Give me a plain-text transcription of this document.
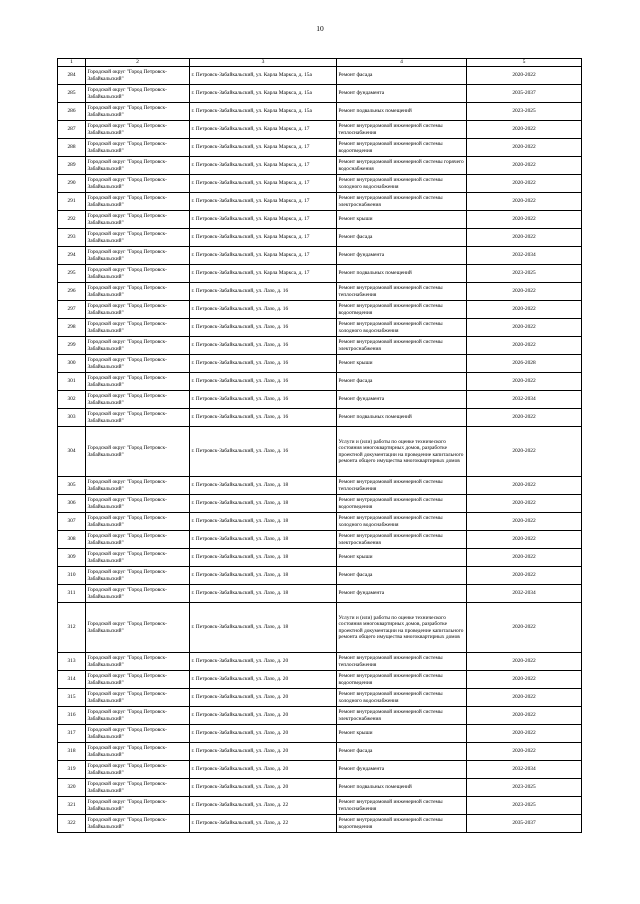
10
1	2	3	4	5
284	Городской округ "Город Петровск-Забайкальский"	г. Петровск-Забайкальский, ул. Карла Маркса, д. 15а	Ремонт фасада	2020-2022
285	Городской округ "Город Петровск-Забайкальский"	г. Петровск-Забайкальский, ул. Карла Маркса, д. 15а	Ремонт фундамента	2035-2037
286	Городской округ "Город Петровск-Забайкальский"	г. Петровск-Забайкальский, ул. Карла Маркса, д. 15а	Ремонт подвальных помещений	2023-2025
287	Городской округ "Город Петровск-Забайкальский"	г. Петровск-Забайкальский, ул. Карла Маркса, д. 17	Ремонт внутридомовой инженерной системы теплоснабжения	2020-2022
288	Городской округ "Город Петровск-Забайкальский"	г. Петровск-Забайкальский, ул. Карла Маркса, д. 17	Ремонт внутридомовой инженерной системы водоотведения	2020-2022
289	Городской округ "Город Петровск-Забайкальский"	г. Петровск-Забайкальский, ул. Карла Маркса, д. 17	Ремонт внутридомовой инженерной системы горячего водоснабжения	2020-2022
290	Городской округ "Город Петровск-Забайкальский"	г. Петровск-Забайкальский, ул. Карла Маркса, д. 17	Ремонт внутридомовой инженерной системы холодного водоснабжения	2020-2022
291	Городской округ "Город Петровск-Забайкальский"	г. Петровск-Забайкальский, ул. Карла Маркса, д. 17	Ремонт внутридомовой инженерной системы электроснабжения	2020-2022
292	Городской округ "Город Петровск-Забайкальский"	г. Петровск-Забайкальский, ул. Карла Маркса, д. 17	Ремонт крыши	2020-2022
293	Городской округ "Город Петровск-Забайкальский"	г. Петровск-Забайкальский, ул. Карла Маркса, д. 17	Ремонт фасада	2020-2022
294	Городской округ "Город Петровск-Забайкальский"	г. Петровск-Забайкальский, ул. Карла Маркса, д. 17	Ремонт фундамента	2032-2034
295	Городской округ "Город Петровск-Забайкальский"	г. Петровск-Забайкальский, ул. Карла Маркса, д. 17	Ремонт подвальных помещений	2023-2025
296	Городской округ "Город Петровск-Забайкальский"	г. Петровск-Забайкальский, ул. Лазо, д. 16	Ремонт внутридомовой инженерной системы теплоснабжения	2020-2022
297	Городской округ "Город Петровск-Забайкальский"	г. Петровск-Забайкальский, ул. Лазо, д. 16	Ремонт внутридомовой инженерной системы водоотведения	2020-2022
298	Городской округ "Город Петровск-Забайкальский"	г. Петровск-Забайкальский, ул. Лазо, д. 16	Ремонт внутридомовой инженерной системы холодного водоснабжения	2020-2022
299	Городской округ "Город Петровск-Забайкальский"	г. Петровск-Забайкальский, ул. Лазо, д. 16	Ремонт внутридомовой инженерной системы электроснабжения	2020-2022
300	Городской округ "Город Петровск-Забайкальский"	г. Петровск-Забайкальский, ул. Лазо, д. 16	Ремонт крыши	2026-2028
301	Городской округ "Город Петровск-Забайкальский"	г. Петровск-Забайкальский, ул. Лазо, д. 16	Ремонт фасада	2020-2022
302	Городской округ "Город Петровск-Забайкальский"	г. Петровск-Забайкальский, ул. Лазо, д. 16	Ремонт фундамента	2032-2034
303	Городской округ "Город Петровск-Забайкальский"	г. Петровск-Забайкальский, ул. Лазо, д. 16	Ремонт подвальных помещений	2020-2022
304	Городской округ "Город Петровск-Забайкальский"	г. Петровск-Забайкальский, ул. Лазо, д. 16	Услуги и (или) работы по оценке технического состояния многоквартирных домов, разработке проектной документации на проведение капитального ремонта общего имущества многоквартирных домов	2020-2022
305	Городской округ "Город Петровск-Забайкальский"	г. Петровск-Забайкальский, ул. Лазо, д. 18	Ремонт внутридомовой инженерной системы теплоснабжения	2020-2022
306	Городской округ "Город Петровск-Забайкальский"	г. Петровск-Забайкальский, ул. Лазо, д. 18	Ремонт внутридомовой инженерной системы водоотведения	2020-2022
307	Городской округ "Город Петровск-Забайкальский"	г. Петровск-Забайкальский, ул. Лазо, д. 18	Ремонт внутридомовой инженерной системы холодного водоснабжения	2020-2022
308	Городской округ "Город Петровск-Забайкальский"	г. Петровск-Забайкальский, ул. Лазо, д. 18	Ремонт внутридомовой инженерной системы электроснабжения	2020-2022
309	Городской округ "Город Петровск-Забайкальский"	г. Петровск-Забайкальский, ул. Лазо, д. 18	Ремонт крыши	2020-2022
310	Городской округ "Город Петровск-Забайкальский"	г. Петровск-Забайкальский, ул. Лазо, д. 18	Ремонт фасада	2020-2022
311	Городской округ "Город Петровск-Забайкальский"	г. Петровск-Забайкальский, ул. Лазо, д. 18	Ремонт фундамента	2032-2034
312	Городской округ "Город Петровск-Забайкальский"	г. Петровск-Забайкальский, ул. Лазо, д. 18	Услуги и (или) работы по оценке технического состояния многоквартирных домов, разработке проектной документации на проведение капитального ремонта общего имущества многоквартирных домов	2020-2022
313	Городской округ "Город Петровск-Забайкальский"	г. Петровск-Забайкальский, ул. Лазо, д. 20	Ремонт внутридомовой инженерной системы теплоснабжения	2020-2022
314	Городской округ "Город Петровск-Забайкальский"	г. Петровск-Забайкальский, ул. Лазо, д. 20	Ремонт внутридомовой инженерной системы водоотведения	2020-2022
315	Городской округ "Город Петровск-Забайкальский"	г. Петровск-Забайкальский, ул. Лазо, д. 20	Ремонт внутридомовой инженерной системы холодного водоснабжения	2020-2022
316	Городской округ "Город Петровск-Забайкальский"	г. Петровск-Забайкальский, ул. Лазо, д. 20	Ремонт внутридомовой инженерной системы электроснабжения	2020-2022
317	Городской округ "Город Петровск-Забайкальский"	г. Петровск-Забайкальский, ул. Лазо, д. 20	Ремонт крыши	2020-2022
318	Городской округ "Город Петровск-Забайкальский"	г. Петровск-Забайкальский, ул. Лазо, д. 20	Ремонт фасада	2020-2022
319	Городской округ "Город Петровск-Забайкальский"	г. Петровск-Забайкальский, ул. Лазо, д. 20	Ремонт фундамента	2032-2034
320	Городской округ "Город Петровск-Забайкальский"	г. Петровск-Забайкальский, ул. Лазо, д. 20	Ремонт подвальных помещений	2023-2025
321	Городской округ "Город Петровск-Забайкальский"	г. Петровск-Забайкальский, ул. Лазо, д. 22	Ремонт внутридомовой инженерной системы теплоснабжения	2023-2025
322	Городской округ "Город Петровск-Забайкальский"	г. Петровск-Забайкальский, ул. Лазо, д. 22	Ремонт внутридомовой инженерной системы водоотведения	2035-2037
